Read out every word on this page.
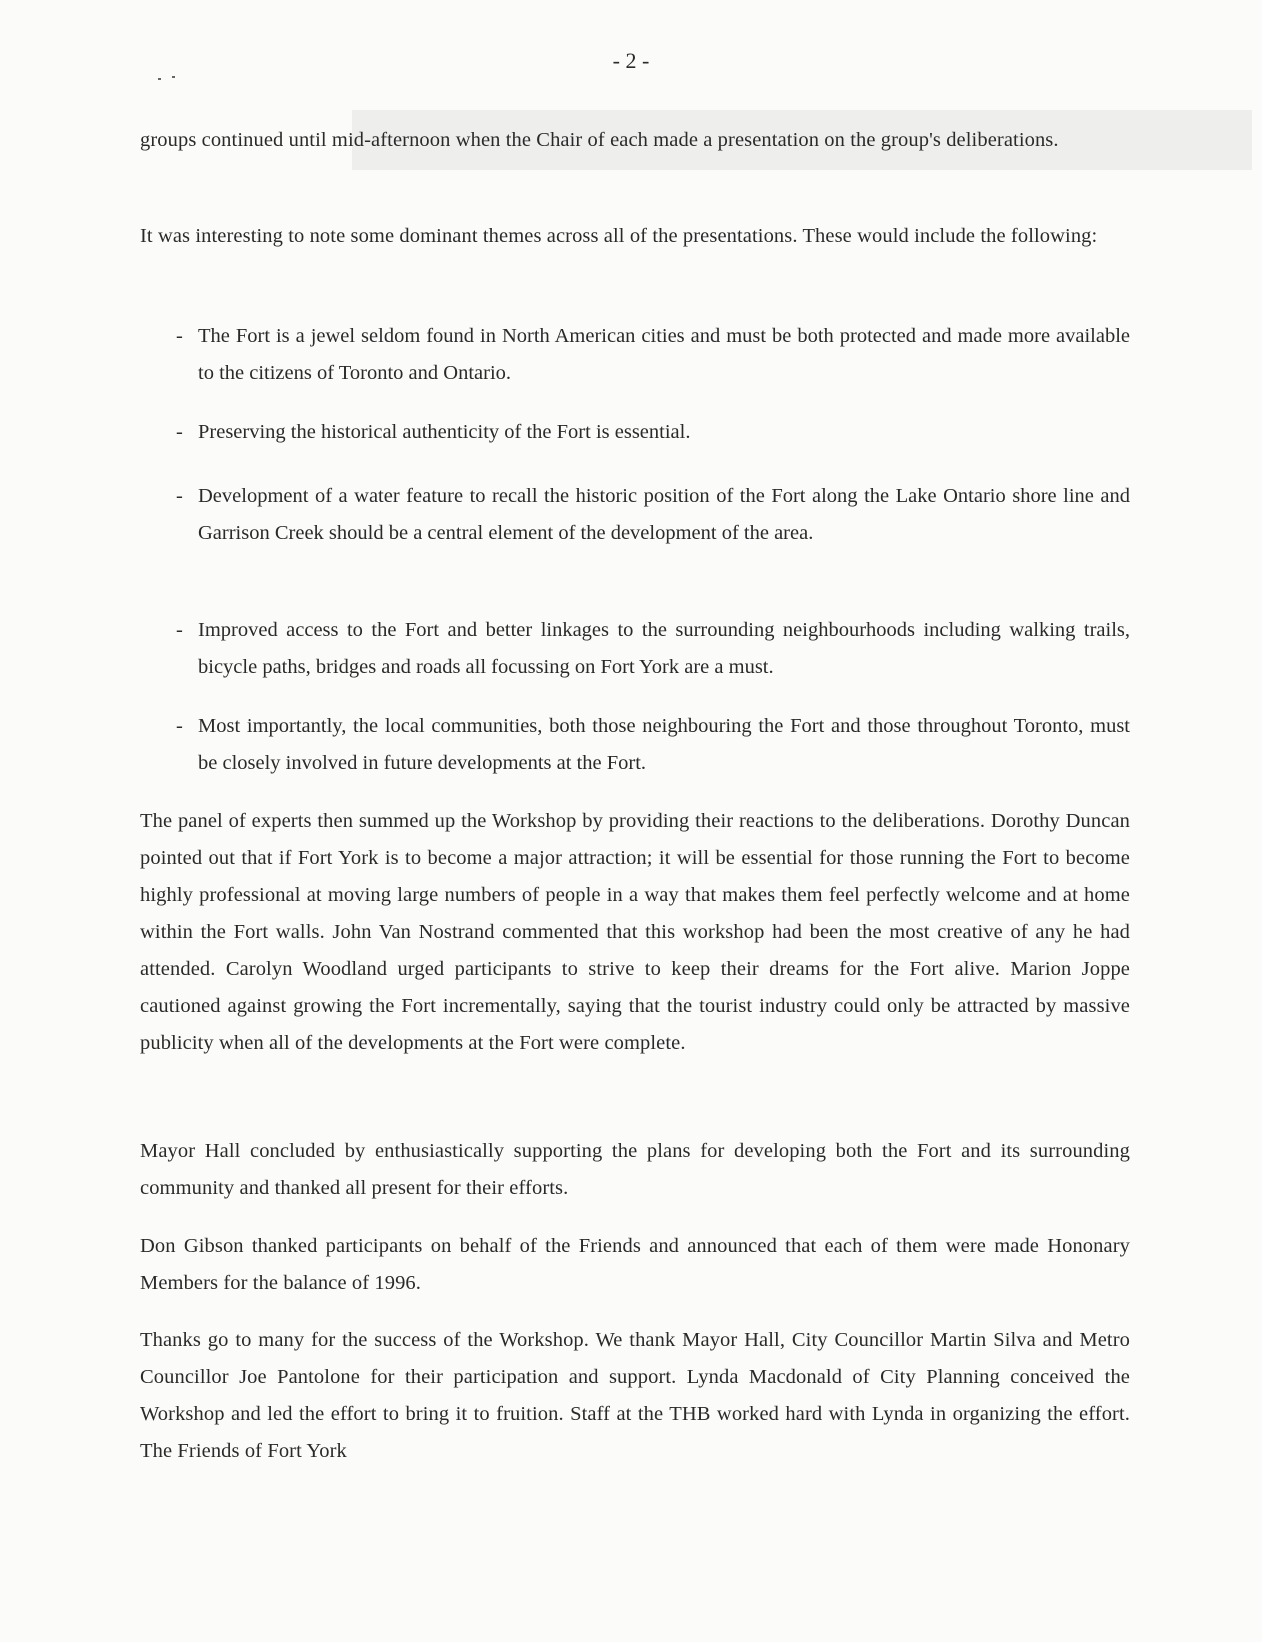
- 2 -

groups continued until mid-afternoon when the Chair of each made a presentation on the group's deliberations.

It was interesting to note some dominant themes across all of the presentations. These would include the following:

- The Fort is a jewel seldom found in North American cities and must be both protected and made more available to the citizens of Toronto and Ontario.

- Preserving the historical authenticity of the Fort is essential.

- Development of a water feature to recall the historic position of the Fort along the Lake Ontario shore line and Garrison Creek should be a central element of the development of the area.

- Improved access to the Fort and better linkages to the surrounding neighbourhoods including walking trails, bicycle paths, bridges and roads all focussing on Fort York are a must.

- Most importantly, the local communities, both those neighbouring the Fort and those throughout Toronto, must be closely involved in future developments at the Fort.

The panel of experts then summed up the Workshop by providing their reactions to the deliberations. Dorothy Duncan pointed out that if Fort York is to become a major attraction; it will be essential for those running the Fort to become highly professional at moving large numbers of people in a way that makes them feel perfectly welcome and at home within the Fort walls. John Van Nostrand commented that this workshop had been the most creative of any he had attended. Carolyn Woodland urged participants to strive to keep their dreams for the Fort alive. Marion Joppe cautioned against growing the Fort incrementally, saying that the tourist industry could only be attracted by massive publicity when all of the developments at the Fort were complete.

Mayor Hall concluded by enthusiastically supporting the plans for developing both the Fort and its surrounding community and thanked all present for their efforts.

Don Gibson thanked participants on behalf of the Friends and announced that each of them were made Hononary Members for the balance of 1996.

Thanks go to many for the success of the Workshop. We thank Mayor Hall, City Councillor Martin Silva and Metro Councillor Joe Pantolone for their participation and support. Lynda Macdonald of City Planning conceived the Workshop and led the effort to bring it to fruition. Staff at the THB worked hard with Lynda in organizing the effort. The Friends of Fort York
